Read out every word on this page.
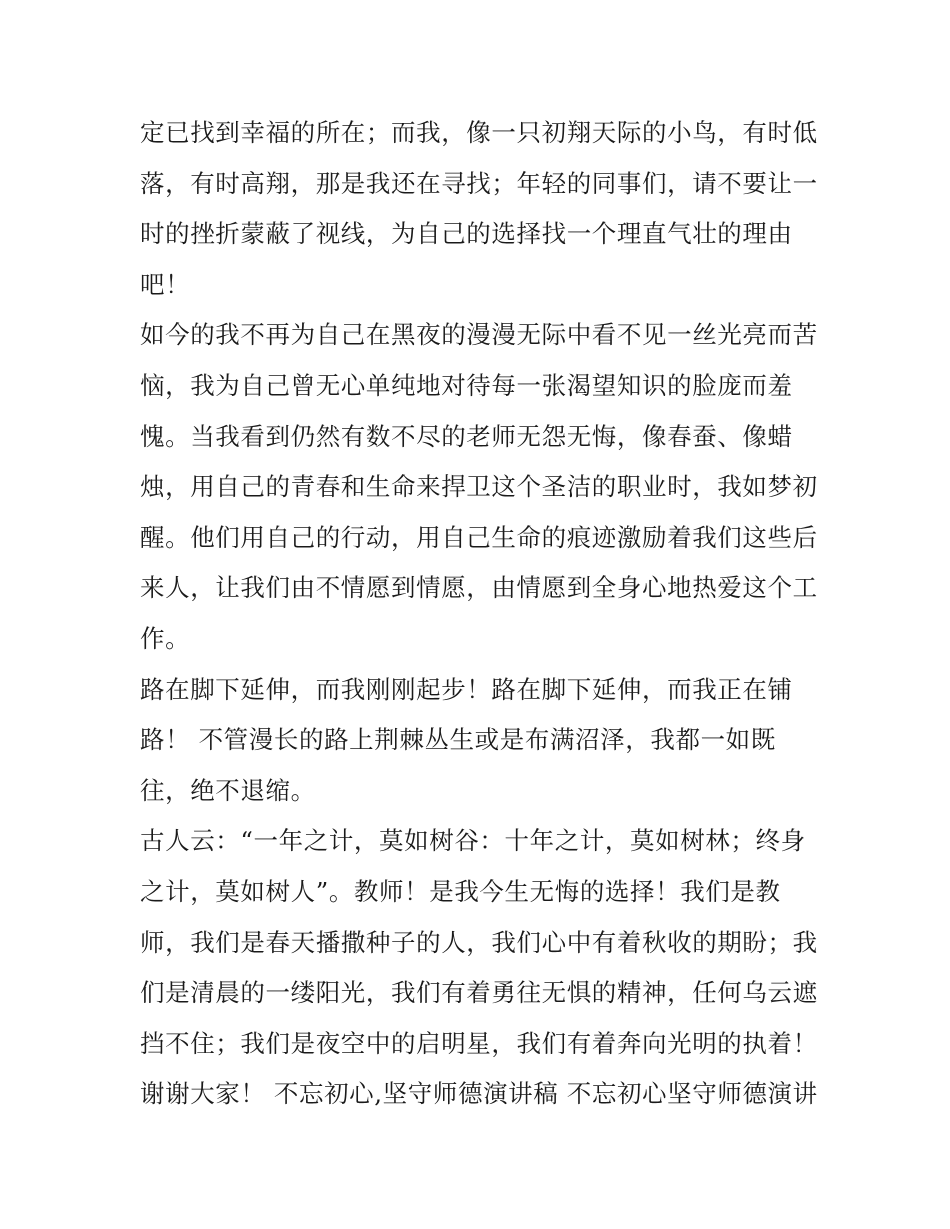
定已找到幸福的所在；而我，像一只初翔天际的小鸟，有时低
落，有时高翔，那是我还在寻找；年轻的同事们，请不要让一
时的挫折蒙蔽了视线，为自己的选择找一个理直气壮的理由
吧！
如今的我不再为自己在黑夜的漫漫无际中看不见一丝光亮而苦
恼，我为自己曾无心单纯地对待每一张渴望知识的脸庞而羞
愧。当我看到仍然有数不尽的老师无怨无悔，像春蚕、像蜡
烛，用自己的青春和生命来捍卫这个圣洁的职业时，我如梦初
醒。他们用自己的行动，用自己生命的痕迹激励着我们这些后
来人，让我们由不情愿到情愿，由情愿到全身心地热爱这个工
作。
路在脚下延伸，而我刚刚起步！路在脚下延伸，而我正在铺
路！ 不管漫长的路上荆棘丛生或是布满沼泽，我都一如既
往，绝不退缩。
古人云：“一年之计，莫如树谷：十年之计，莫如树林；终身
之计，莫如树人”。教师！是我今生无悔的选择！我们是教
师，我们是春天播撒种子的人，我们心中有着秋收的期盼；我
们是清晨的一缕阳光，我们有着勇往无惧的精神，任何乌云遮
挡不住；我们是夜空中的启明星，我们有着奔向光明的执着！
谢谢大家！ 不忘初心,坚守师德演讲稿 不忘初心坚守师德演讲
